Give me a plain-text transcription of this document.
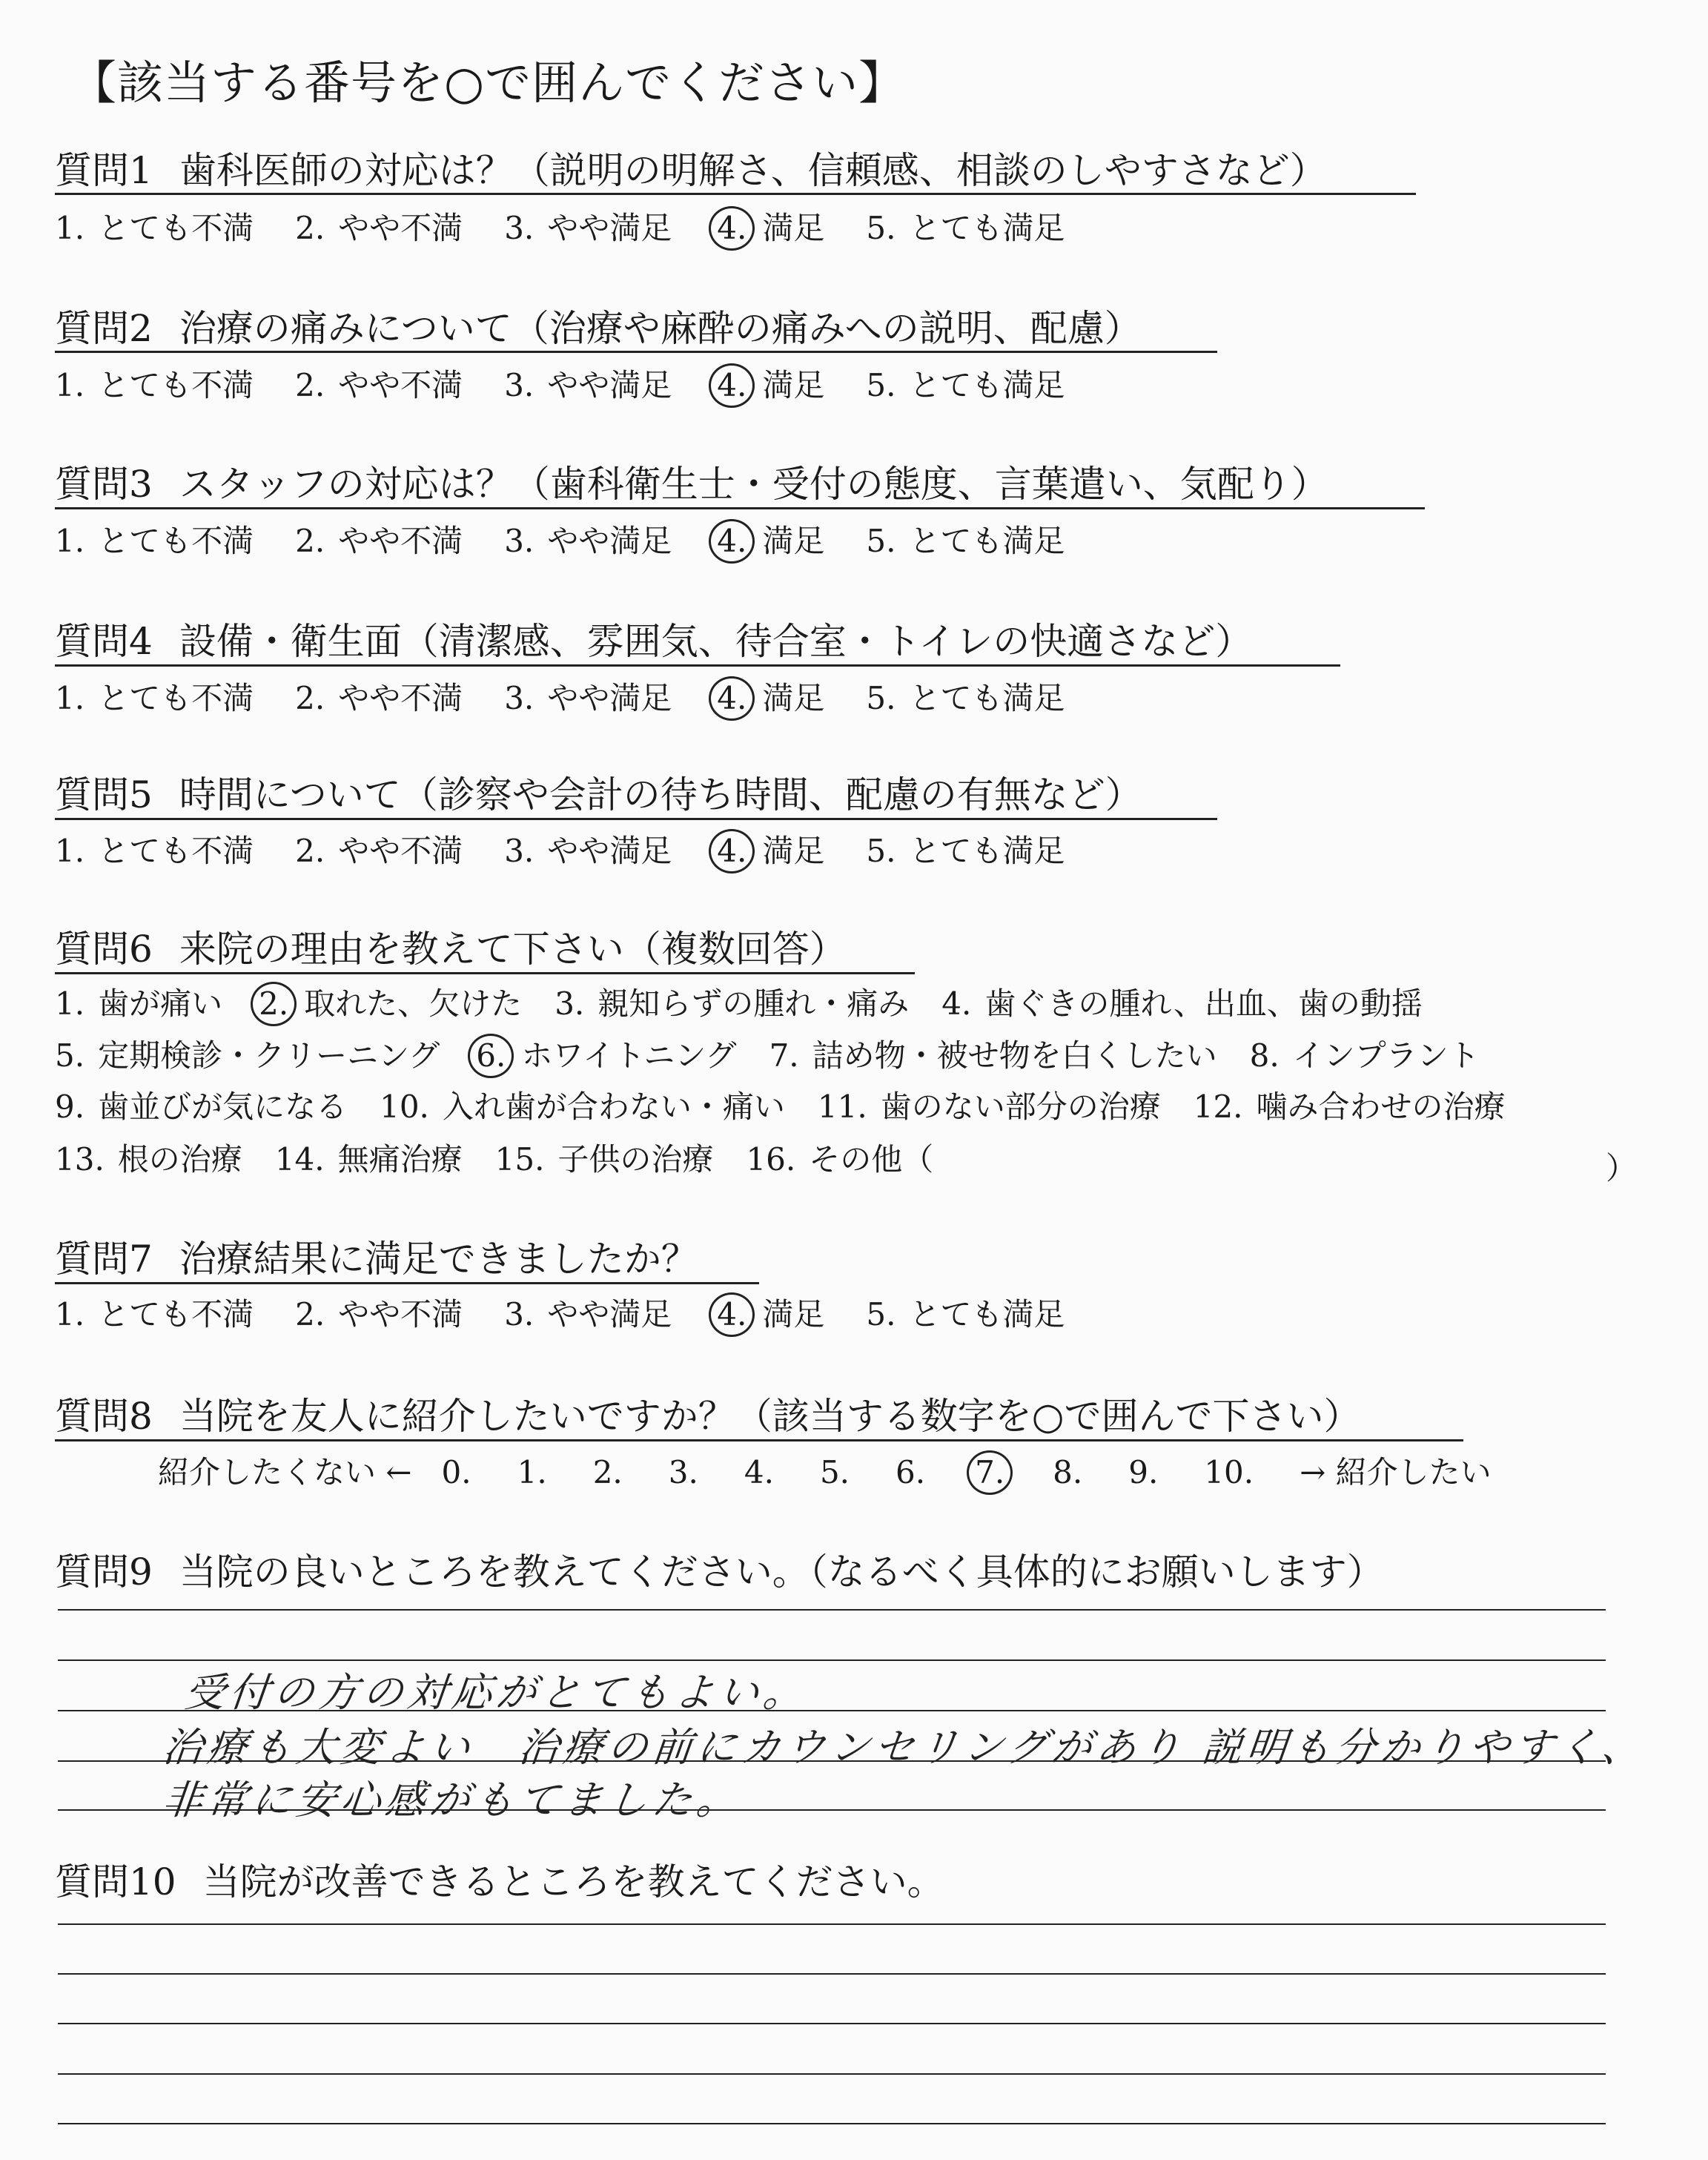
【該当する番号を○で囲んでください】
質問1 歯科医師の対応は？（説明の明解さ、信頼感、相談のしやすさなど）
1. とても不満 2. やや不満 3. やや満足 4. 満足 5. とても満足
質問2 治療の痛みについて（治療や麻酔の痛みへの説明、配慮）
1. とても不満 2. やや不満 3. やや満足 4. 満足 5. とても満足
質問3 スタッフの対応は？（歯科衛生士・受付の態度、言葉遣い、気配り）
1. とても不満 2. やや不満 3. やや満足 4. 満足 5. とても満足
質問4 設備・衛生面（清潔感、雰囲気、待合室・トイレの快適さなど）
1. とても不満 2. やや不満 3. やや満足 4. 満足 5. とても満足
質問5 時間について（診察や会計の待ち時間、配慮の有無など）
1. とても不満 2. やや不満 3. やや満足 4. 満足 5. とても満足
質問6 来院の理由を教えて下さい（複数回答）
1. 歯が痛い 2. 取れた、欠けた 3. 親知らずの腫れ・痛み 4. 歯ぐきの腫れ、出血、歯の動揺
5. 定期検診・クリーニング 6. ホワイトニング 7. 詰め物・被せ物を白くしたい 8. インプラント
9. 歯並びが気になる 10. 入れ歯が合わない・痛い 11. 歯のない部分の治療 12. 噛み合わせの治療
13. 根の治療 14. 無痛治療 15. 子供の治療 16. その他（	）
質問7 治療結果に満足できましたか？
1. とても不満 2. やや不満 3. やや満足 4. 満足 5. とても満足
質問8 当院を友人に紹介したいですか？（該当する数字を○で囲んで下さい）
紹介したくない ← 0. 1. 2. 3. 4. 5. 6. 7. 8. 9. 10. → 紹介したい
質問9 当院の良いところを教えてください。（なるべく具体的にお願いします）
受付の方の対応がとてもよい。
治療も大変よい　治療の前にカウンセリングがあり 説明も分かりやすく、
非常に安心感がもてました。
質問10 当院が改善できるところを教えてください。
